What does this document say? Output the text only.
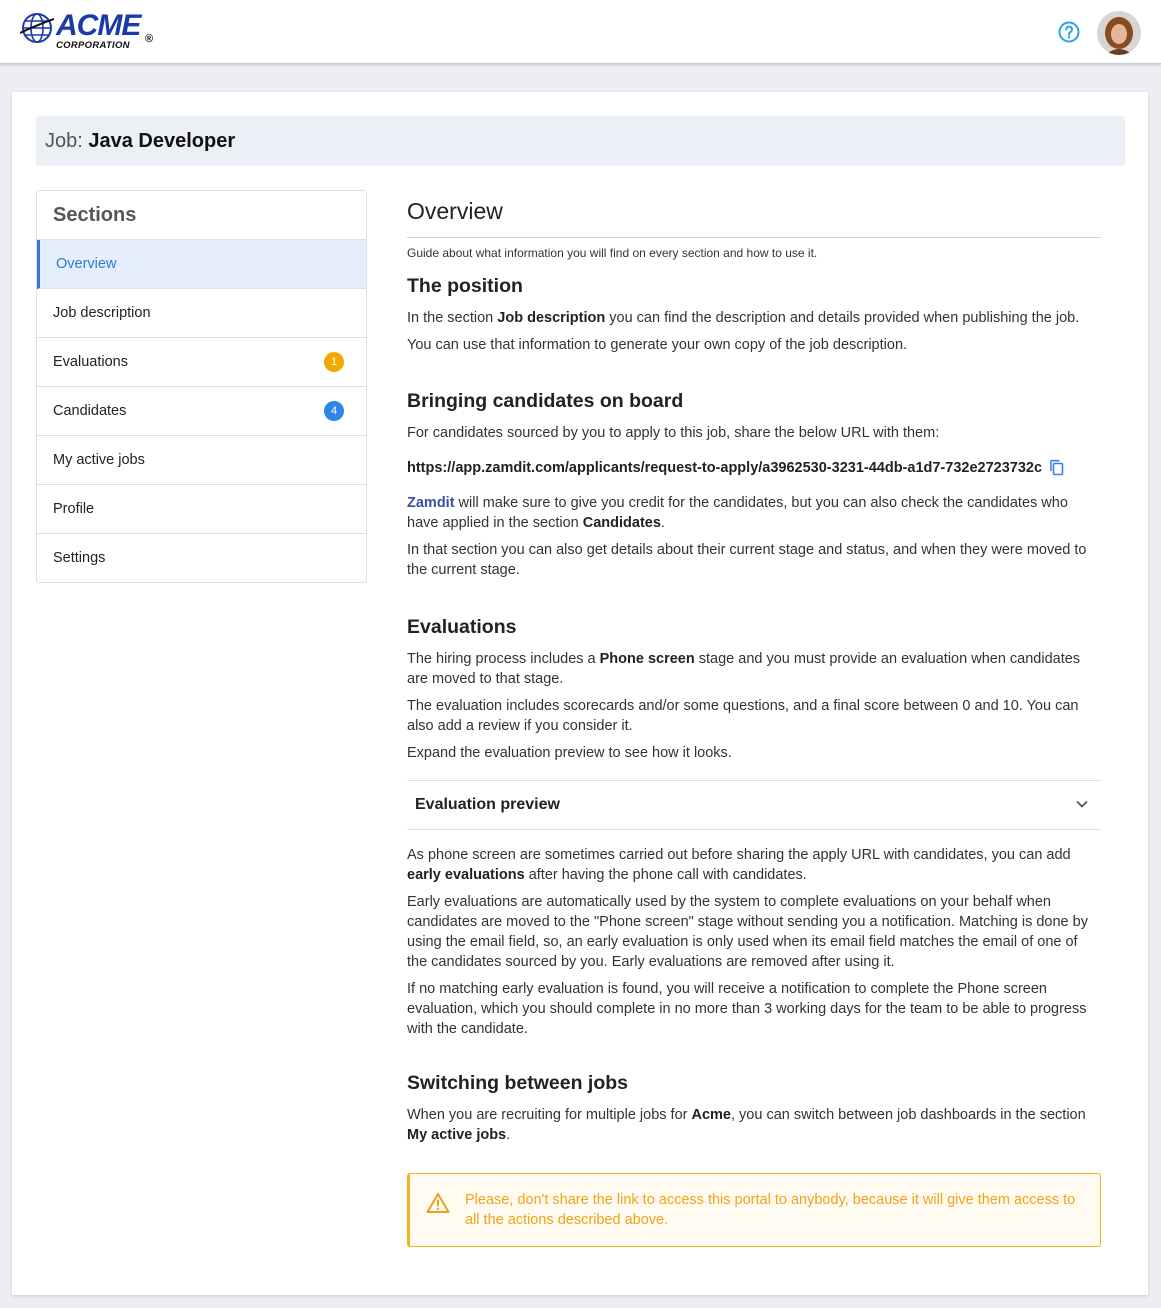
ACME
CORPORATION
®
Job: Java Developer
Sections
Overview
Job description
Evaluations	1
Candidates	4
My active jobs
Profile
Settings
Overview
Guide about what information you will find on every section and how to use it.
The position

In the section Job description you can find the description and details provided when publishing the job.

You can use that information to generate your own copy of the job description.

Bringing candidates on board

For candidates sourced by you to apply to this job, share the below URL with them:

https://app.zamdit.com/applicants/request-to-apply/a3962530-3231-44db-a1d7-732e2723732c

Zamdit will make sure to give you credit for the candidates, but you can also check the candidates who have applied in the section Candidates.

In that section you can also get details about their current stage and status, and when they were moved to the current stage.

Evaluations

The hiring process includes a Phone screen stage and you must provide an evaluation when candidates are moved to that stage.

The evaluation includes scorecards and/or some questions, and a final score between 0 and 10. You can also add a review if you consider it.

Expand the evaluation preview to see how it looks.

Evaluation preview

As phone screen are sometimes carried out before sharing the apply URL with candidates, you can add early evaluations after having the phone call with candidates.

Early evaluations are automatically used by the system to complete evaluations on your behalf when candidates are moved to the "Phone screen" stage without sending you a notification. Matching is done by using the email field, so, an early evaluation is only used when its email field matches the email of one of the candidates sourced by you. Early evaluations are removed after using it.

If no matching early evaluation is found, you will receive a notification to complete the Phone screen evaluation, which you should complete in no more than 3 working days for the team to be able to progress with the candidate.

Switching between jobs

When you are recruiting for multiple jobs for Acme, you can switch between job dashboards in the section My active jobs.

Please, don't share the link to access this portal to anybody, because it will give them access to all the actions described above.
